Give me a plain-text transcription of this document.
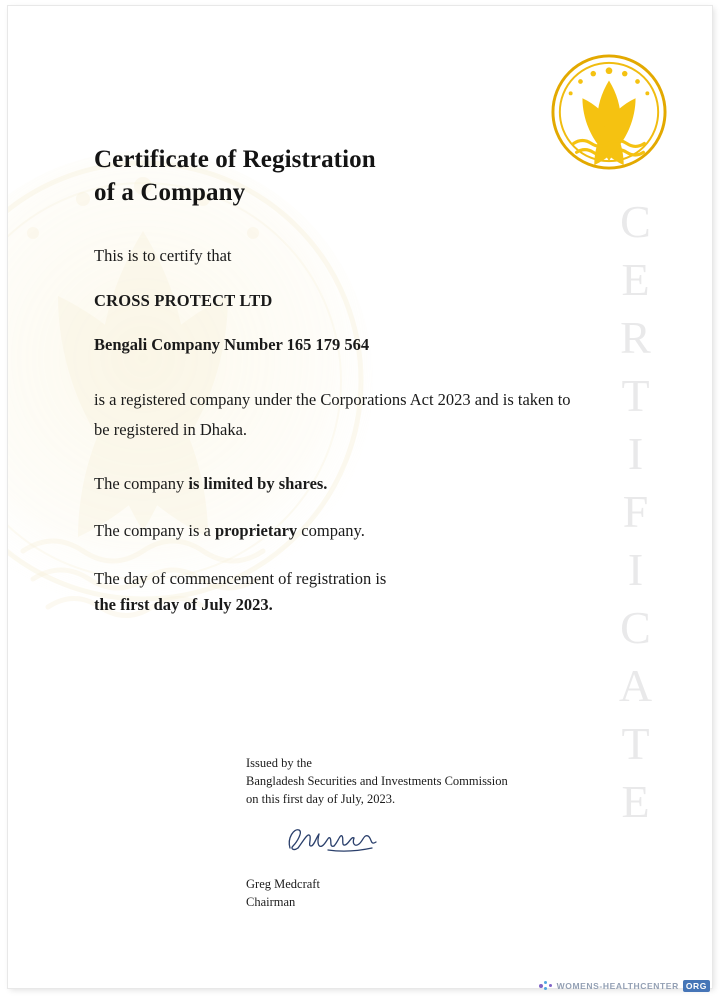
CERTIFICATE
Certificate of Registration
of a Company

This is to certify that

CROSS PROTECT LTD

Bengali Company Number 165 179 564

is a registered company under the Corporations Act 2023 and is taken to be registered in Dhaka.

The company is limited by shares.

The company is a proprietary company.

The day of commencement of registration is
the first day of July 2023.

Issued by the
Bangladesh Securities and Investments Commission
on this first day of July, 2023.
Greg Medcraft
Chairman
WOMENS-HEALTHCENTER ORG
